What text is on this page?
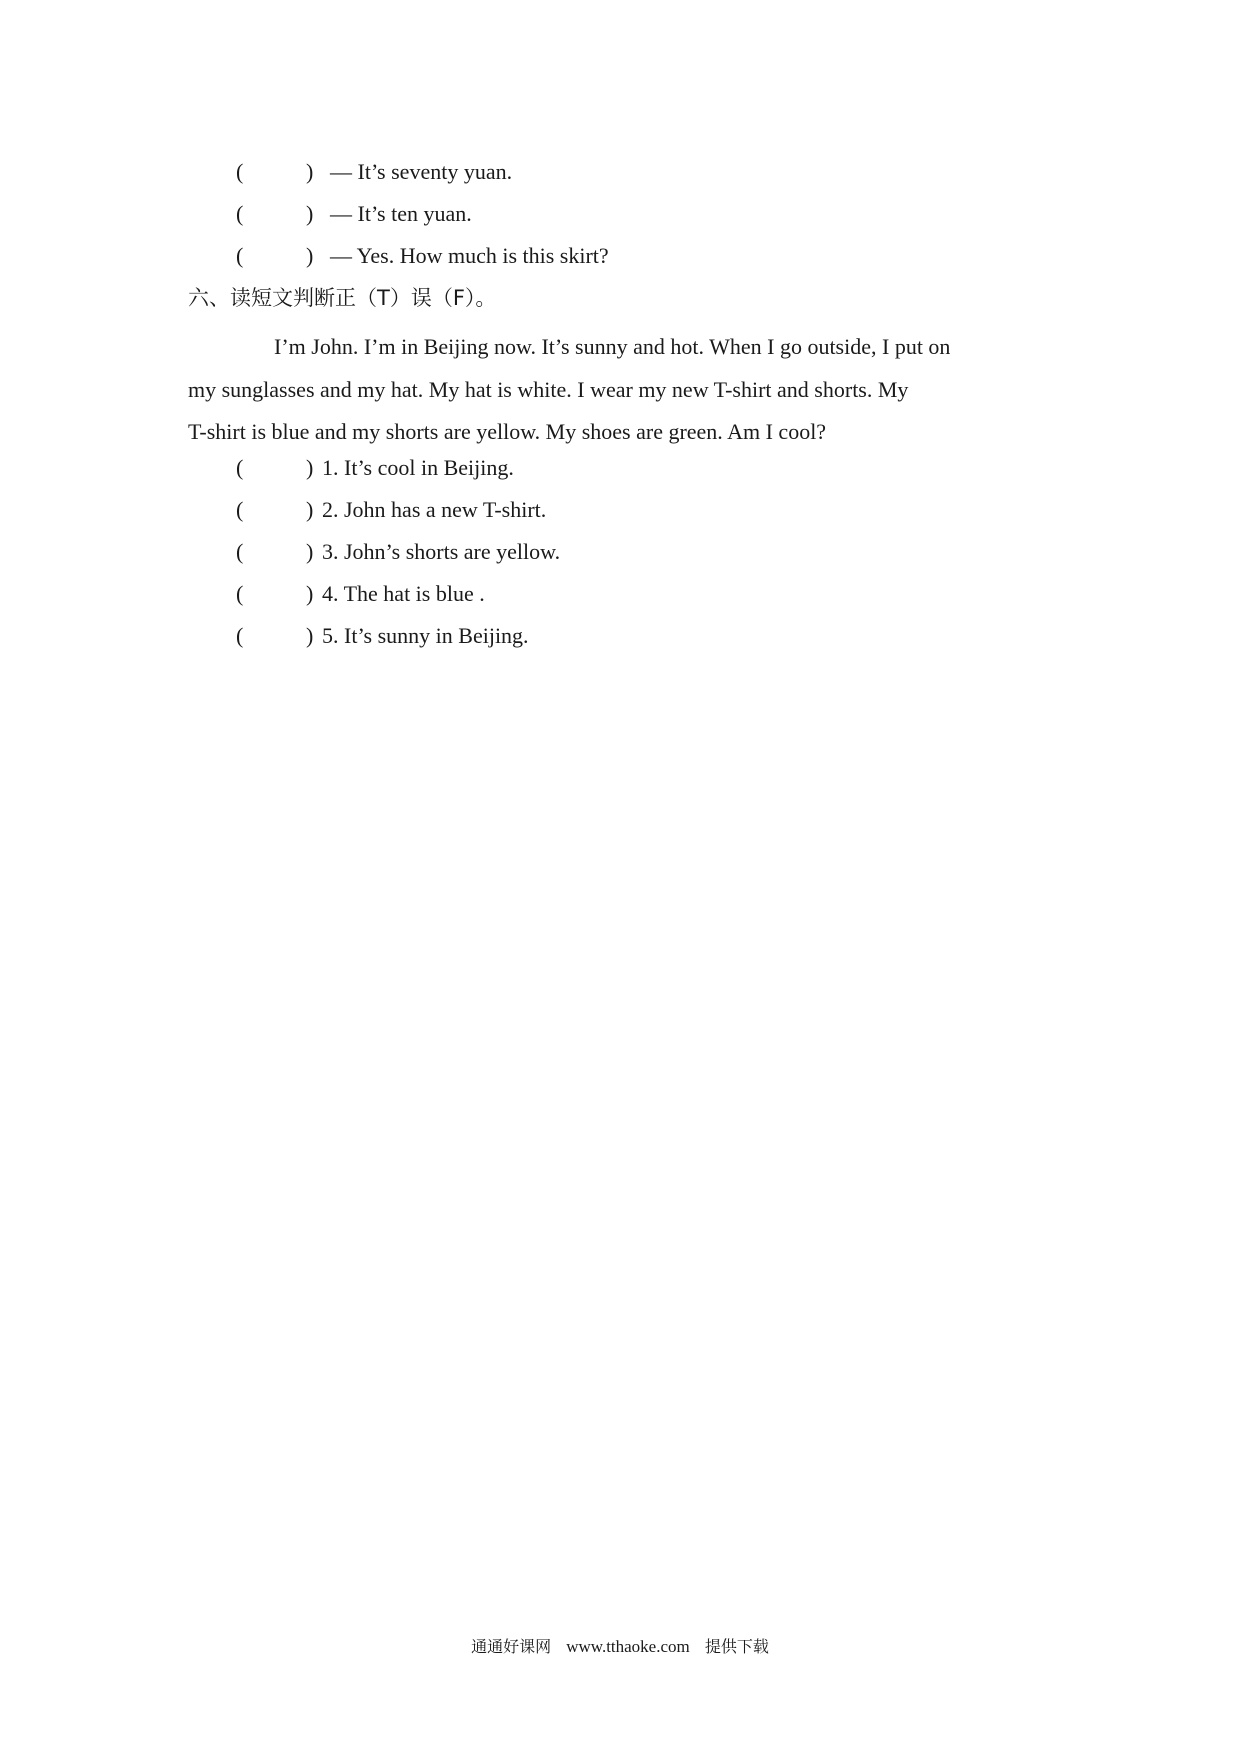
(	) — It’s seventy yuan.
(	) — It’s ten yuan.
(	) — Yes. How much is this skirt?
六、读短文判断正（T）误（F）。
I’m John. I’m in Beijing now. It’s sunny and hot. When I go outside, I put on
my sunglasses and my hat. My hat is white. I wear my new T-shirt and shorts. My
T-shirt is blue and my shorts are yellow. My shoes are green. Am I cool?
(	) 1. It’s cool in Beijing.
(	) 2. John has a new T-shirt.
(	) 3. John’s shorts are yellow.
(	) 4. The hat is blue .
(	) 5. It’s sunny in Beijing.
通通好课网 www.tthaoke.com 提供下载
